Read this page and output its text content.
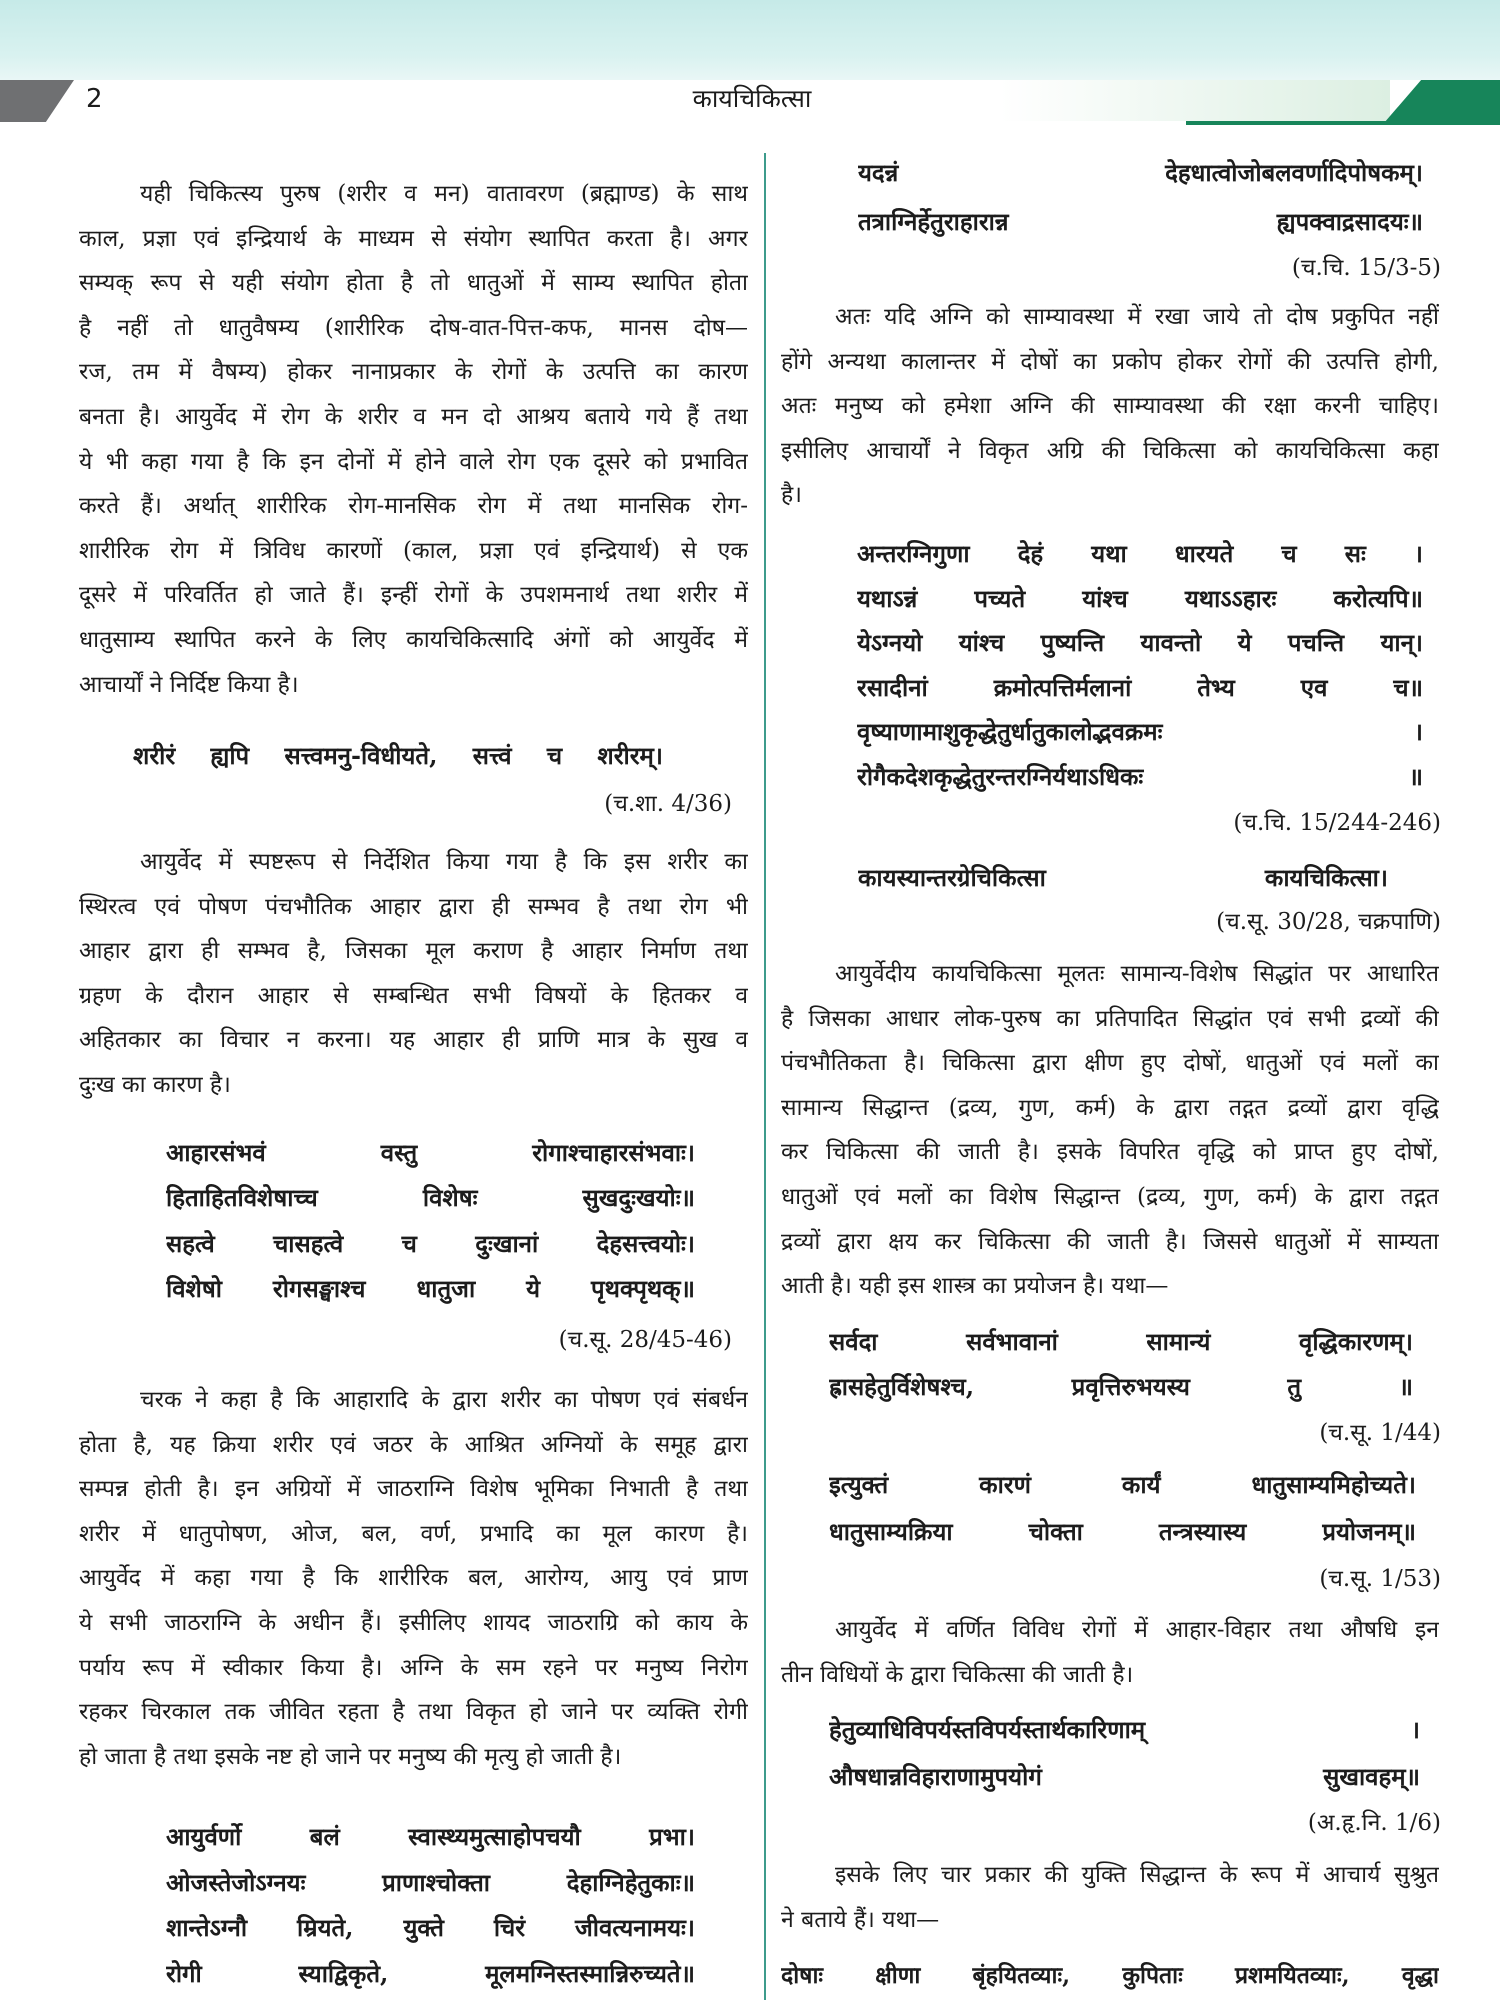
2	कायचिकित्सा
यही चिकित्स्य पुरुष (शरीर व मन) वातावरण (ब्रह्माण्ड) के साथ
काल, प्रज्ञा एवं इन्द्रियार्थ के माध्यम से संयोग स्थापित करता है। अगर
सम्यक् रूप से यही संयोग होता है तो धातुओं में साम्य स्थापित होता
है नहीं तो धातुवैषम्य (शारीरिक दोष-वात-पित्त-कफ, मानस दोष—
रज, तम में वैषम्य) होकर नानाप्रकार के रोगों के उत्पत्ति का कारण
बनता है। आयुर्वेद में रोग के शरीर व मन दो आश्रय बताये गये हैं तथा
ये भी कहा गया है कि इन दोनों में होने वाले रोग एक दूसरे को प्रभावित
करते हैं। अर्थात् शारीरिक रोग-मानसिक रोग में तथा मानसिक रोग-
शारीरिक रोग में त्रिविध कारणों (काल, प्रज्ञा एवं इन्द्रियार्थ) से एक
दूसरे में परिवर्तित हो जाते हैं। इन्हीं रोगों के उपशमनार्थ तथा शरीर में
धातुसाम्य स्थापित करने के लिए कायचिकित्सादि अंगों को आयुर्वेद में
आचार्यों ने निर्दिष्ट किया है।
शरीरं ह्यपि सत्त्वमनु-विधीयते, सत्त्वं च शरीरम्।
(च.शा. 4/36)
आयुर्वेद में स्पष्टरूप से निर्देशित किया गया है कि इस शरीर का
स्थिरत्व एवं पोषण पंचभौतिक आहार द्वारा ही सम्भव है तथा रोग भी
आहार द्वारा ही सम्भव है, जिसका मूल कराण है आहार निर्माण तथा
ग्रहण के दौरान आहार से सम्बन्धित सभी विषयों के हितकर व
अहितकार का विचार न करना। यह आहार ही प्राणि मात्र के सुख व
दुःख का कारण है।
आहारसंभवं वस्तु रोगाश्चाहारसंभवाः।
हिताहितविशेषाच्च विशेषः सुखदुःखयोः॥
सहत्वे चासहत्वे च दुःखानां देहसत्त्वयोः।
विशेषो रोगसङ्घाश्च धातुजा ये पृथक्पृथक्॥
(च.सू. 28/45-46)
चरक ने कहा है कि आहारादि के द्वारा शरीर का पोषण एवं संबर्धन
होता है, यह क्रिया शरीर एवं जठर के आश्रित अग्नियों के समूह द्वारा
सम्पन्न होती है। इन अग्रियों में जाठराग्नि विशेष भूमिका निभाती है तथा
शरीर में धातुपोषण, ओज, बल, वर्ण, प्रभादि का मूल कारण है।
आयुर्वेद में कहा गया है कि शारीरिक बल, आरोग्य, आयु एवं प्राण
ये सभी जाठराग्नि के अधीन हैं। इसीलिए शायद जाठराग्रि को काय के
पर्याय रूप में स्वीकार किया है। अग्नि के सम रहने पर मनुष्य निरोग
रहकर चिरकाल तक जीवित रहता है तथा विकृत हो जाने पर व्यक्ति रोगी
हो जाता है तथा इसके नष्ट हो जाने पर मनुष्य की मृत्यु हो जाती है।
आयुर्वर्णो बलं स्वास्थ्यमुत्साहोपचयौ प्रभा।
ओजस्तेजोऽग्नयः प्राणाश्चोक्ता देहाग्निहेतुकाः॥
शान्तेऽग्नौ म्रियते, युक्ते चिरं जीवत्यनामयः।
रोगी स्याद्विकृते, मूलमग्निस्तस्मान्निरुच्यते॥
यदन्नं देहधात्वोजोबलवर्णादिपोषकम्।
तत्राग्निर्हेतुराहारान्न ह्यपक्वाद्रसादयः॥
(च.चि. 15/3-5)
अतः यदि अग्नि को साम्यावस्था में रखा जाये तो दोष प्रकुपित नहीं
होंगे अन्यथा कालान्तर में दोषों का प्रकोप होकर रोगों की उत्पत्ति होगी,
अतः मनुष्य को हमेशा अग्नि की साम्यावस्था की रक्षा करनी चाहिए।
इसीलिए आचार्यों ने विकृत अग्रि की चिकित्सा को कायचिकित्सा कहा
है।
अन्तरग्निगुणा देहं यथा धारयते च सः ।
यथाऽन्नं पच्यते यांश्च यथाऽऽहारः करोत्यपि॥
येऽग्नयो यांश्च पुष्यन्ति यावन्तो ये पचन्ति यान्।
रसादीनां क्रमोत्पत्तिर्मलानां तेभ्य एव च॥
वृष्याणामाशुकृद्धेतुर्धातुकालोद्भवक्रमः ।
रोगैकदेशकृद्धेतुरन्तरग्निर्यथाऽधिकः ॥
(च.चि. 15/244-246)
कायस्यान्तरग्रेचिकित्सा कायचिकित्सा।
(च.सू. 30/28, चक्रपाणि)
आयुर्वेदीय कायचिकित्सा मूलतः सामान्य-विशेष सिद्धांत पर आधारित
है जिसका आधार लोक-पुरुष का प्रतिपादित सिद्धांत एवं सभी द्रव्यों की
पंचभौतिकता है। चिकित्सा द्वारा क्षीण हुए दोषों, धातुओं एवं मलों का
सामान्य सिद्धान्त (द्रव्य, गुण, कर्म) के द्वारा तद्गत द्रव्यों द्वारा वृद्धि
कर चिकित्सा की जाती है। इसके विपरित वृद्धि को प्राप्त हुए दोषों,
धातुओं एवं मलों का विशेष सिद्धान्त (द्रव्य, गुण, कर्म) के द्वारा तद्गत
द्रव्यों द्वारा क्षय कर चिकित्सा की जाती है। जिससे धातुओं में साम्यता
आती है। यही इस शास्त्र का प्रयोजन है। यथा—
सर्वदा सर्वभावानां सामान्यं वृद्धिकारणम्।
ह्रासहेतुर्विशेषश्च, प्रवृत्तिरुभयस्य तु ॥
(च.सू. 1/44)
इत्युक्तं कारणं कार्यं धातुसाम्यमिहोच्यते।
धातुसाम्यक्रिया चोक्ता तन्त्रस्यास्य प्रयोजनम्॥
(च.सू. 1/53)
आयुर्वेद में वर्णित विविध रोगों में आहार-विहार तथा औषधि इन
तीन विधियों के द्वारा चिकित्सा की जाती है।
हेतुव्याधिविपर्यस्तविपर्यस्तार्थकारिणाम् ।
औषधान्नविहाराणामुपयोगं सुखावहम्॥
(अ.हृ.नि. 1/6)
इसके लिए चार प्रकार की युक्ति सिद्धान्त के रूप में आचार्य सुश्रुत
ने बताये हैं। यथा—
दोषाः क्षीणा बृंहयितव्याः, कुपिताः प्रशमयितव्याः, वृद्धा
